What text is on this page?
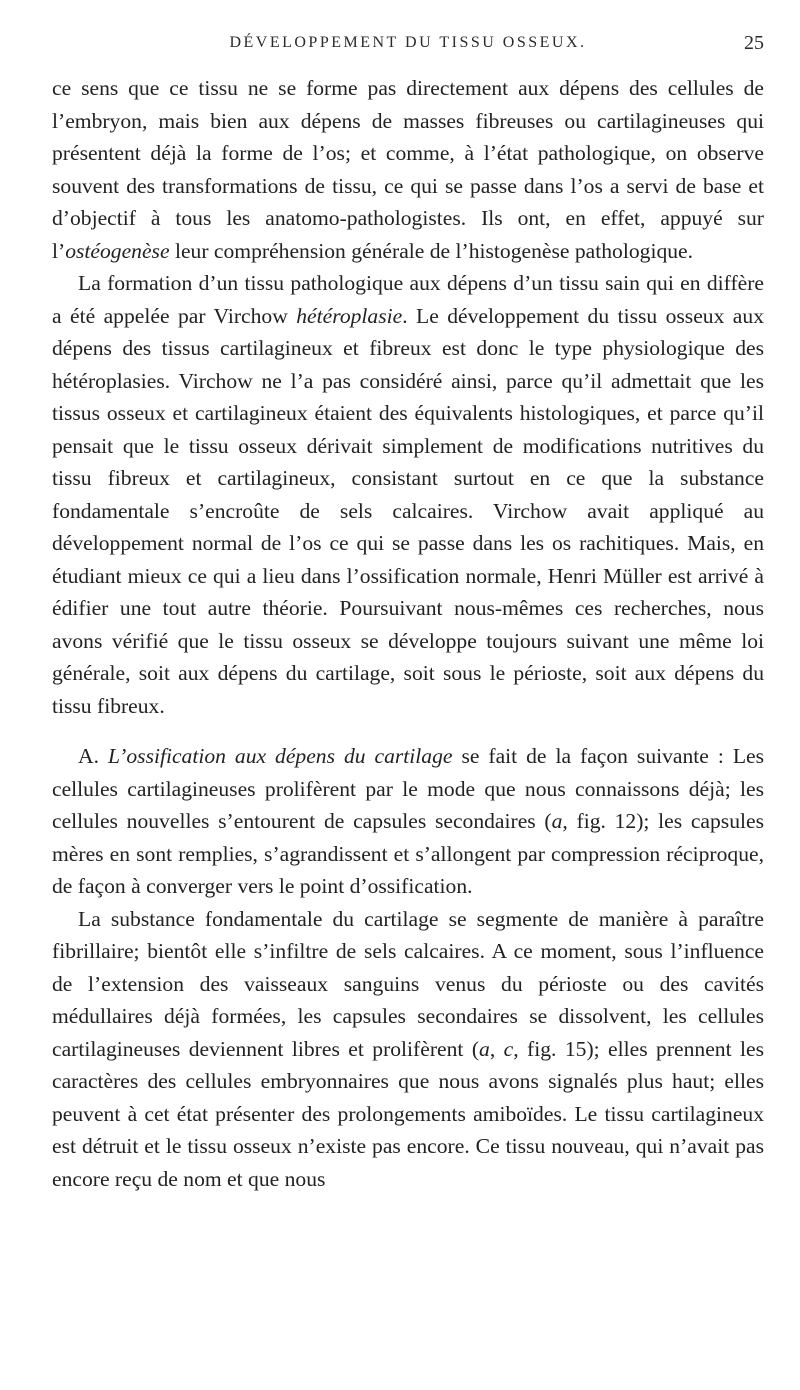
DÉVELOPPEMENT DU TISSU OSSEUX.	25

ce sens que ce tissu ne se forme pas directement aux dépens des cellules de l’embryon, mais bien aux dépens de masses fibreuses ou cartilagineuses qui présentent déjà la forme de l’os; et comme, à l’état pathologique, on observe souvent des transformations de tissu, ce qui se passe dans l’os a servi de base et d’objectif à tous les anatomo-pathologistes. Ils ont, en effet, appuyé sur l’ostéogenèse leur compréhension générale de l’histogenèse pathologique.

La formation d’un tissu pathologique aux dépens d’un tissu sain qui en diffère a été appelée par Virchow hétéroplasie. Le développement du tissu osseux aux dépens des tissus cartilagineux et fibreux est donc le type physiologique des hétéroplasies. Virchow ne l’a pas considéré ainsi, parce qu’il admettait que les tissus osseux et cartilagineux étaient des équivalents histologiques, et parce qu’il pensait que le tissu osseux dérivait simplement de modifications nutritives du tissu fibreux et cartilagineux, consistant surtout en ce que la substance fondamentale s’encroûte de sels calcaires. Virchow avait appliqué au développement normal de l’os ce qui se passe dans les os rachitiques. Mais, en étudiant mieux ce qui a lieu dans l’ossification normale, Henri Müller est arrivé à édifier une tout autre théorie. Poursuivant nous-mêmes ces recherches, nous avons vérifié que le tissu osseux se développe toujours suivant une même loi générale, soit aux dépens du cartilage, soit sous le périoste, soit aux dépens du tissu fibreux.

A. L’ossification aux dépens du cartilage se fait de la façon suivante : Les cellules cartilagineuses prolifèrent par le mode que nous connaissons déjà; les cellules nouvelles s’entourent de capsules secondaires (a, fig. 12); les capsules mères en sont remplies, s’agrandissent et s’allongent par compression réciproque, de façon à converger vers le point d’ossification.

La substance fondamentale du cartilage se segmente de manière à paraître fibrillaire; bientôt elle s’infiltre de sels calcaires. A ce moment, sous l’influence de l’extension des vaisseaux sanguins venus du périoste ou des cavités médullaires déjà formées, les capsules secondaires se dissolvent, les cellules cartilagineuses deviennent libres et prolifèrent (a, c, fig. 15); elles prennent les caractères des cellules embryonnaires que nous avons signalés plus haut; elles peuvent à cet état présenter des prolongements amiboïdes. Le tissu cartilagineux est détruit et le tissu osseux n’existe pas encore. Ce tissu nouveau, qui n’avait pas encore reçu de nom et que nous
